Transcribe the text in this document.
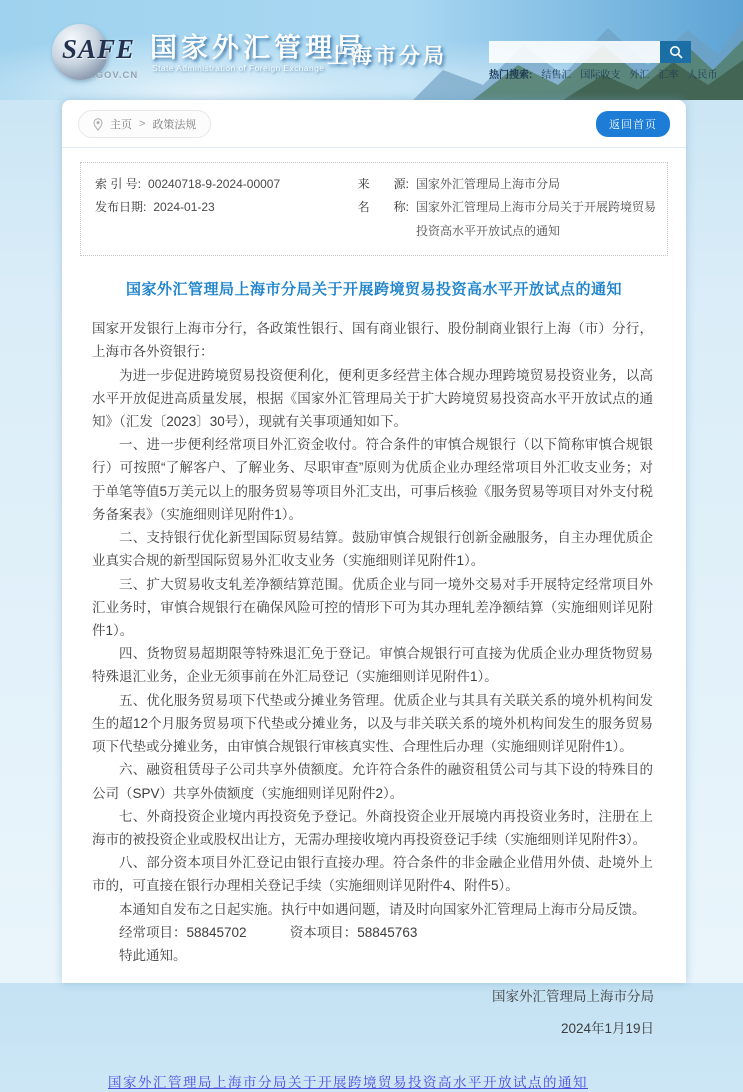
SAFE
.GOV.CN
国家外汇管理局
State Administration of Foreign Exchange 上海市分局
热门搜索: 结售汇 国际收支 外汇 汇率 人民币
主页 > 政策法规	返回首页
索 引 号: 00240718-9-2024-00007
发布日期: 2024-01-23
来　　源: 国家外汇管理局上海市分局
名　　称: 国家外汇管理局上海市分局关于开展跨境贸易投资高水平开放试点的通知
国家外汇管理局上海市分局关于开展跨境贸易投资高水平开放试点的通知

国家开发银行上海市分行，各政策性银行、国有商业银行、股份制商业银行上海（市）分行，上海市各外资银行：

为进一步促进跨境贸易投资便利化，便利更多经营主体合规办理跨境贸易投资业务，以高水平开放促进高质量发展，根据《国家外汇管理局关于扩大跨境贸易投资高水平开放试点的通知》（汇发〔2023〕30号），现就有关事项通知如下。

一、进一步便利经常项目外汇资金收付。符合条件的审慎合规银行（以下简称审慎合规银行）可按照“了解客户、了解业务、尽职审查”原则为优质企业办理经常项目外汇收支业务；对于单笔等值5万美元以上的服务贸易等项目外汇支出，可事后核验《服务贸易等项目对外支付税务备案表》（实施细则详见附件1）。

二、支持银行优化新型国际贸易结算。鼓励审慎合规银行创新金融服务，自主办理优质企业真实合规的新型国际贸易外汇收支业务（实施细则详见附件1）。

三、扩大贸易收支轧差净额结算范围。优质企业与同一境外交易对手开展特定经常项目外汇业务时，审慎合规银行在确保风险可控的情形下可为其办理轧差净额结算（实施细则详见附件1）。

四、货物贸易超期限等特殊退汇免于登记。审慎合规银行可直接为优质企业办理货物贸易特殊退汇业务，企业无须事前在外汇局登记（实施细则详见附件1）。

五、优化服务贸易项下代垫或分摊业务管理。优质企业与其具有关联关系的境外机构间发生的超12个月服务贸易项下代垫或分摊业务，以及与非关联关系的境外机构间发生的服务贸易项下代垫或分摊业务，由审慎合规银行审核真实性、合理性后办理（实施细则详见附件1）。

六、融资租赁母子公司共享外债额度。允许符合条件的融资租赁公司与其下设的特殊目的公司（SPV）共享外债额度（实施细则详见附件2）。

七、外商投资企业境内再投资免予登记。外商投资企业开展境内再投资业务时，注册在上海市的被投资企业或股权出让方，无需办理接收境内再投资登记手续（实施细则详见附件3）。

八、部分资本项目外汇登记由银行直接办理。符合条件的非金融企业借用外债、赴境外上市的，可直接在银行办理相关登记手续（实施细则详见附件4、附件5）。

本通知自发布之日起实施。执行中如遇问题，请及时向国家外汇管理局上海市分局反馈。

经常项目：58845702	资本项目：58845763

特此通知。

国家外汇管理局上海市分局
2024年1月19日
国家外汇管理局上海市分局关于开展跨境贸易投资高水平开放试点的通知
